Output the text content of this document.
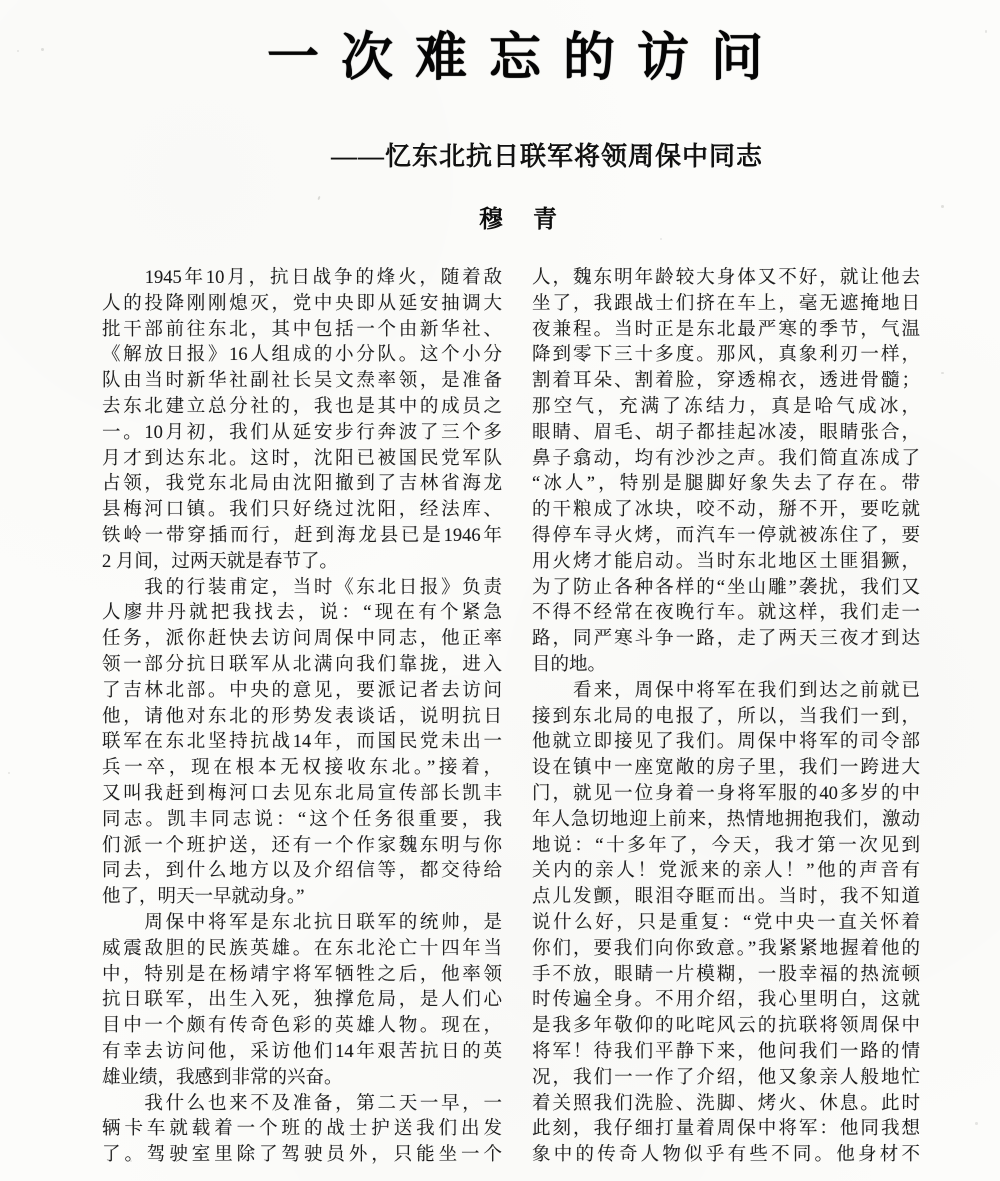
一次难忘的访问
——忆东北抗日联军将领周保中同志
穆青
　　1945年10月，抗日战争的烽火，随着敌
人的投降刚刚熄灭，党中央即从延安抽调大
批干部前往东北，其中包括一个由新华社、
《解放日报》16人组成的小分队。这个小分
队由当时新华社副社长吴文焘率领，是准备
去东北建立总分社的，我也是其中的成员之
一。10月初，我们从延安步行奔波了三个多
月才到达东北。这时，沈阳已被国民党军队
占领，我党东北局由沈阳撤到了吉林省海龙
县梅河口镇。我们只好绕过沈阳，经法库、
铁岭一带穿插而行，赶到海龙县已是1946年
2 月间，过两天就是春节了。
　　我的行装甫定，当时《东北日报》负责
人廖井丹就把我找去，说：“现在有个紧急
任务，派你赶快去访问周保中同志，他正率
领一部分抗日联军从北满向我们靠拢，进入
了吉林北部。中央的意见，要派记者去访问
他，请他对东北的形势发表谈话，说明抗日
联军在东北坚持抗战14年，而国民党未出一
兵一卒，现在根本无权接收东北。”接着，
又叫我赶到梅河口去见东北局宣传部长凯丰
同志。凯丰同志说：“这个任务很重要，我
们派一个班护送，还有一个作家魏东明与你
同去，到什么地方以及介绍信等，都交待给
他了，明天一早就动身。”
　　周保中将军是东北抗日联军的统帅，是
威震敌胆的民族英雄。在东北沦亡十四年当
中，特别是在杨靖宇将军牺牲之后，他率领
抗日联军，出生入死，独撑危局，是人们心
目中一个颇有传奇色彩的英雄人物。现在，
有幸去访问他，采访他们14年艰苦抗日的英
雄业绩，我感到非常的兴奋。
　　我什么也来不及准备，第二天一早，一
辆卡车就载着一个班的战士护送我们出发
了。驾驶室里除了驾驶员外，只能坐一个
人，魏东明年龄较大身体又不好，就让他去
坐了，我跟战士们挤在车上，毫无遮掩地日
夜兼程。当时正是东北最严寒的季节，气温
降到零下三十多度。那风，真象利刃一样，
割着耳朵、割着脸，穿透棉衣，透进骨髓；
那空气，充满了冻结力，真是哈气成冰，
眼睛、眉毛、胡子都挂起冰凌，眼睛张合，
鼻子翕动，均有沙沙之声。我们简直冻成了
“冰人”，特别是腿脚好象失去了存在。带
的干粮成了冰块，咬不动，掰不开，要吃就
得停车寻火烤，而汽车一停就被冻住了，要
用火烤才能启动。当时东北地区土匪猖獗，
为了防止各种各样的“坐山雕”袭扰，我们又
不得不经常在夜晚行车。就这样，我们走一
路，同严寒斗争一路，走了两天三夜才到达
目的地。
　　看来，周保中将军在我们到达之前就已
接到东北局的电报了，所以，当我们一到，
他就立即接见了我们。周保中将军的司令部
设在镇中一座宽敞的房子里，我们一跨进大
门，就见一位身着一身将军服的40多岁的中
年人急切地迎上前来，热情地拥抱我们，激动
地说：“十多年了，今天，我才第一次见到
关内的亲人！党派来的亲人！”他的声音有
点儿发颤，眼泪夺眶而出。当时，我不知道
说什么好，只是重复：“党中央一直关怀着
你们，要我们向你致意。”我紧紧地握着他的
手不放，眼睛一片模糊，一股幸福的热流顿
时传遍全身。不用介绍，我心里明白，这就
是我多年敬仰的叱咤风云的抗联将领周保中
将军！待我们平静下来，他问我们一路的情
况，我们一一作了介绍，他又象亲人般地忙
着关照我们洗脸、洗脚、烤火、休息。此时
此刻，我仔细打量着周保中将军：他同我想
象中的传奇人物似乎有些不同。他身材不
